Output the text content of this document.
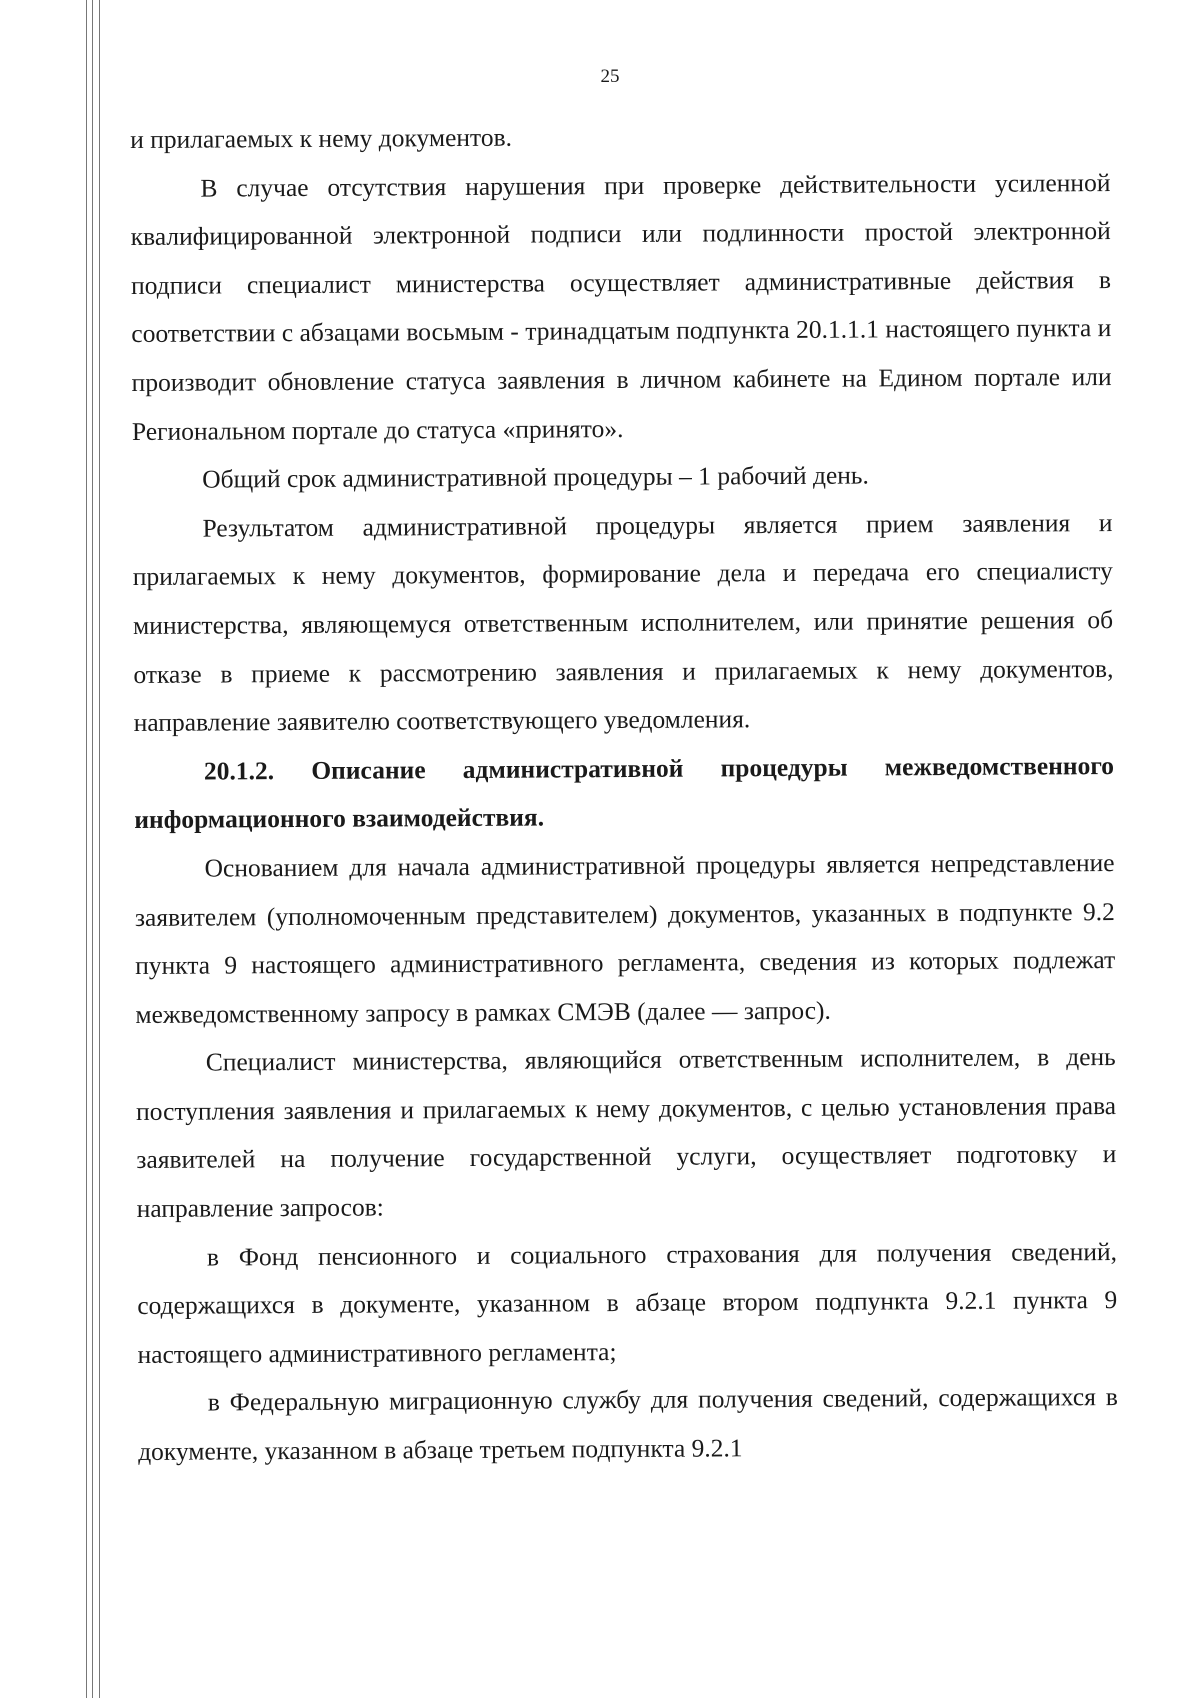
25

и прилагаемых к нему документов.

В случае отсутствия нарушения при проверке действительности усиленной квалифицированной электронной подписи или подлинности простой электронной подписи специалист министерства осуществляет административные действия в соответствии с абзацами восьмым - тринадцатым подпункта 20.1.1.1 настоящего пункта и производит обновление статуса заявления в личном кабинете на Едином портале или Региональном портале до статуса «принято».

Общий срок административной процедуры – 1 рабочий день.

Результатом административной процедуры является прием заявления и прилагаемых к нему документов, формирование дела и передача его специалисту министерства, являющемуся ответственным исполнителем, или принятие решения об отказе в приеме к рассмотрению заявления и прилагаемых к нему документов, направление заявителю соответствующего уведомления.

20.1.2. Описание административной процедуры межведомственного информационного взаимодействия.

Основанием для начала административной процедуры является непредставление заявителем (уполномоченным представителем) документов, указанных в подпункте 9.2 пункта 9 настоящего административного регламента, сведения из которых подлежат межведомственному запросу в рамках СМЭВ (далее — запрос).

Специалист министерства, являющийся ответственным исполнителем, в день поступления заявления и прилагаемых к нему документов, с целью установления права заявителей на получение государственной услуги, осуществляет подготовку и направление запросов:

в Фонд пенсионного и социального страхования для получения сведений, содержащихся в документе, указанном в абзаце втором подпункта 9.2.1 пункта 9 настоящего административного регламента;

в Федеральную миграционную службу для получения сведений, содержащихся в документе, указанном в абзаце третьем подпункта 9.2.1
